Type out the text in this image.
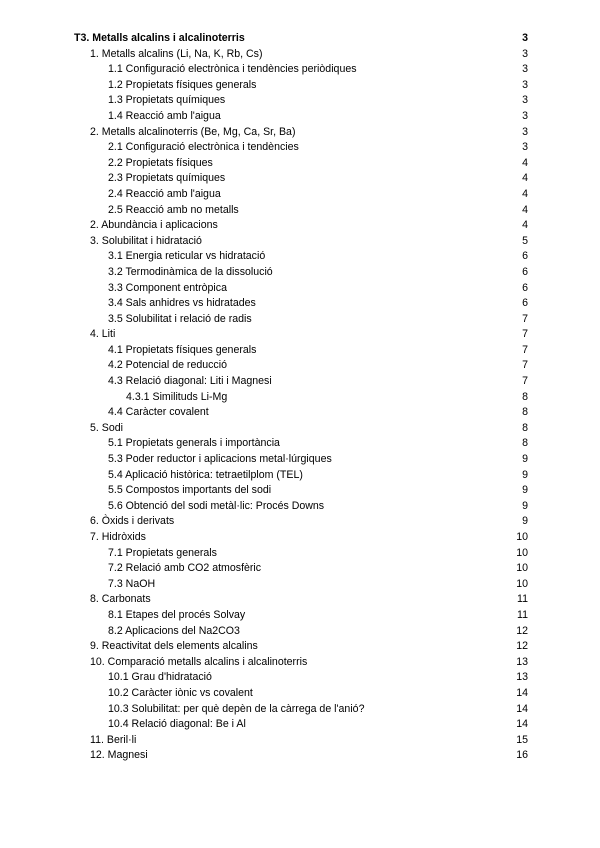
T3. Metalls alcalins i alcalinoterris	3
1. Metalls alcalins (Li, Na, K, Rb, Cs)	3
1.1 Configuració electrònica i tendències periòdiques	3
1.2 Propietats físiques generals	3
1.3 Propietats químiques	3
1.4 Reacció amb l'aigua	3
2. Metalls alcalinoterris (Be, Mg, Ca, Sr, Ba)	3
2.1 Configuració electrònica i tendències	3
2.2 Propietats físiques	4
2.3 Propietats químiques	4
2.4 Reacció amb l'aigua	4
2.5 Reacció amb no metalls	4
2. Abundància i aplicacions	4
3. Solubilitat i hidratació	5
3.1 Energia reticular vs hidratació	6
3.2 Termodinàmica de la dissolució	6
3.3 Component entròpica	6
3.4 Sals anhidres vs hidratades	6
3.5 Solubilitat i relació de radis	7
4. Liti	7
4.1 Propietats físiques generals	7
4.2 Potencial de reducció	7
4.3 Relació diagonal: Liti i Magnesi	7
4.3.1 Similituds Li-Mg	8
4.4 Caràcter covalent	8
5. Sodi	8
5.1 Propietats generals i importància	8
5.3 Poder reductor i aplicacions metal·lúrgiques	9
5.4 Aplicació històrica: tetraetilplom (TEL)	9
5.5 Compostos importants del sodi	9
5.6 Obtenció del sodi metàl·lic: Procés Downs	9
6. Òxids i derivats	9
7. Hidròxids	10
7.1 Propietats generals	10
7.2 Relació amb CO2 atmosfèric	10
7.3 NaOH	10
8. Carbonats	11
8.1 Etapes del procés Solvay	11
8.2 Aplicacions del Na2CO3	12
9. Reactivitat dels elements alcalins	12
10. Comparació metalls alcalins i alcalinoterris	13
10.1 Grau d'hidratació	13
10.2 Caràcter iònic vs covalent	14
10.3 Solubilitat: per què depèn de la càrrega de l'anió?	14
10.4 Relació diagonal: Be i Al	14
11. Beril·li	15
12. Magnesi	16
